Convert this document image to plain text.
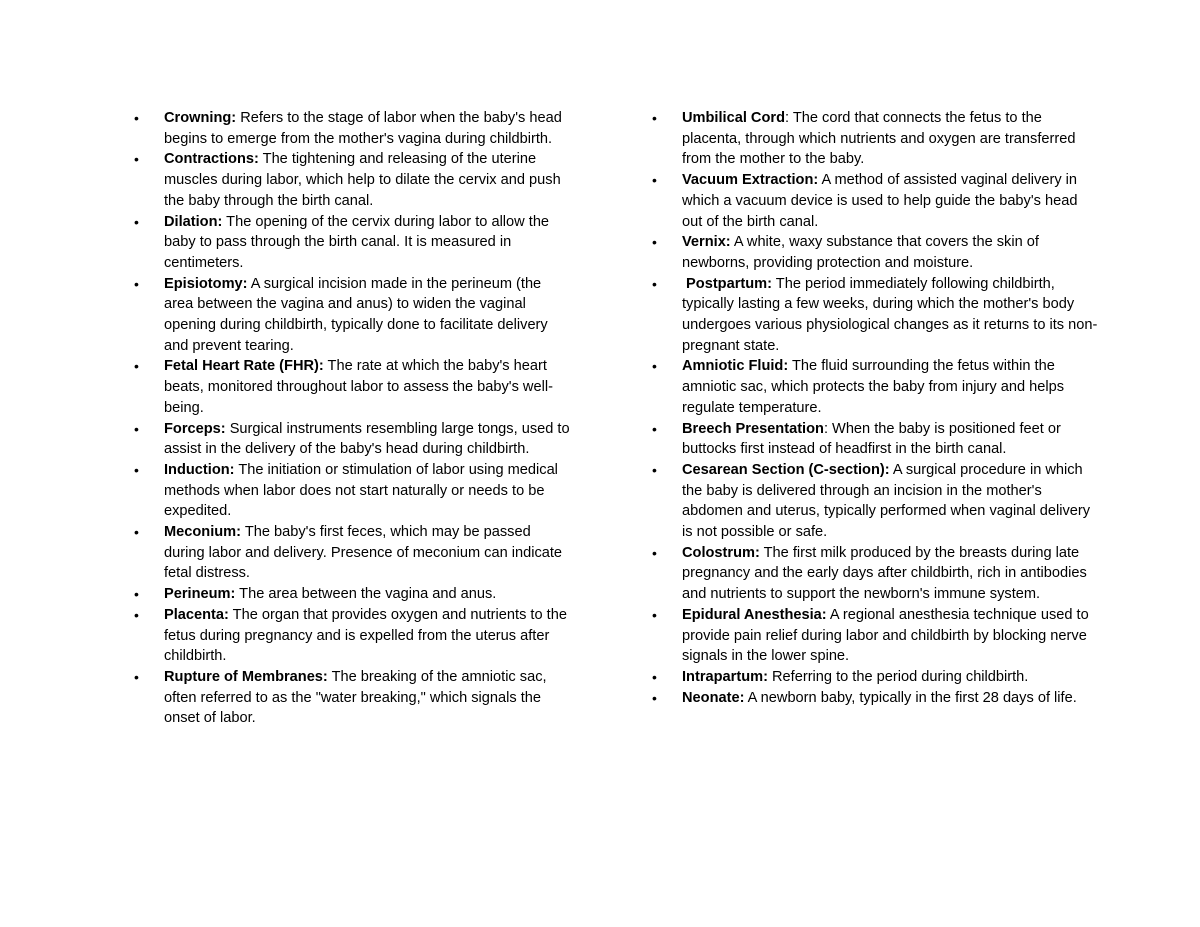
• Crowning: Refers to the stage of labor when the baby's head begins to emerge from the mother's vagina during childbirth.
• Contractions: The tightening and releasing of the uterine muscles during labor, which help to dilate the cervix and push the baby through the birth canal.
• Dilation: The opening of the cervix during labor to allow the baby to pass through the birth canal. It is measured in centimeters.
• Episiotomy: A surgical incision made in the perineum (the area between the vagina and anus) to widen the vaginal opening during childbirth, typically done to facilitate delivery and prevent tearing.
• Fetal Heart Rate (FHR): The rate at which the baby's heart beats, monitored throughout labor to assess the baby's well-being.
• Forceps: Surgical instruments resembling large tongs, used to assist in the delivery of the baby's head during childbirth.
• Induction: The initiation or stimulation of labor using medical methods when labor does not start naturally or needs to be expedited.
• Meconium: The baby's first feces, which may be passed during labor and delivery. Presence of meconium can indicate fetal distress.
• Perineum: The area between the vagina and anus.
• Placenta: The organ that provides oxygen and nutrients to the fetus during pregnancy and is expelled from the uterus after childbirth.
• Rupture of Membranes: The breaking of the amniotic sac, often referred to as the "water breaking," which signals the onset of labor.
• Umbilical Cord: The cord that connects the fetus to the placenta, through which nutrients and oxygen are transferred from the mother to the baby.
• Vacuum Extraction: A method of assisted vaginal delivery in which a vacuum device is used to help guide the baby's head out of the birth canal.
• Vernix: A white, waxy substance that covers the skin of newborns, providing protection and moisture.
• Postpartum: The period immediately following childbirth, typically lasting a few weeks, during which the mother's body undergoes various physiological changes as it returns to its non-pregnant state.
• Amniotic Fluid: The fluid surrounding the fetus within the amniotic sac, which protects the baby from injury and helps regulate temperature.
• Breech Presentation: When the baby is positioned feet or buttocks first instead of headfirst in the birth canal.
• Cesarean Section (C-section): A surgical procedure in which the baby is delivered through an incision in the mother's abdomen and uterus, typically performed when vaginal delivery is not possible or safe.
• Colostrum: The first milk produced by the breasts during late pregnancy and the early days after childbirth, rich in antibodies and nutrients to support the newborn's immune system.
• Epidural Anesthesia: A regional anesthesia technique used to provide pain relief during labor and childbirth by blocking nerve signals in the lower spine.
• Intrapartum: Referring to the period during childbirth.
• Neonate: A newborn baby, typically in the first 28 days of life.
